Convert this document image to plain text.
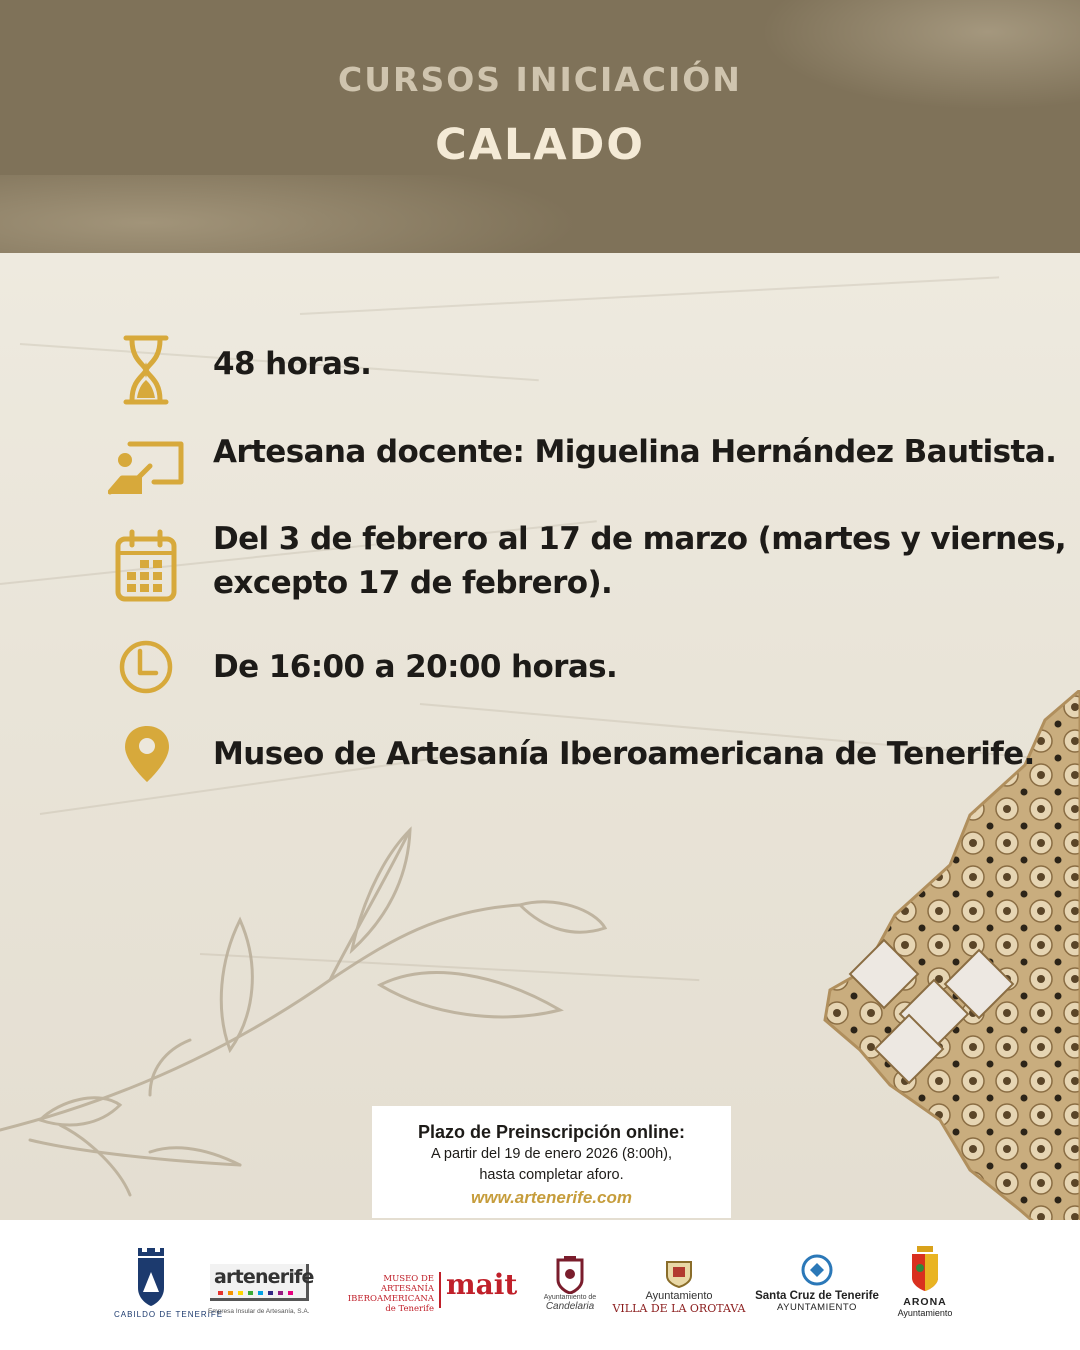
CURSOS INICIACIÓN
CALADO
48 horas.
Artesana docente: Miguelina Hernández Bautista.
Del 3 de febrero al 17 de marzo (martes y viernes,
excepto 17 de febrero).
De 16:00 a 20:00 horas.
Museo de Artesanía Iberoamericana de Tenerife.
Plazo de Preinscripción online:
A partir del 19 de enero 2026 (8:00h),
hasta completar aforo.
www.artenerife.com
CABILDO DE TENERIFE
artenerife
Empresa Insular de Artesanía, S.A.
MUSEO DE ARTESANÍA
IBEROAMERICANA
de Tenerife
mait	Ayuntamiento de
Candelaria
Ayuntamiento
VILLA DE LA OROTAVA
Santa Cruz de Tenerife
AYUNTAMIENTO	ARONA
Ayuntamiento
